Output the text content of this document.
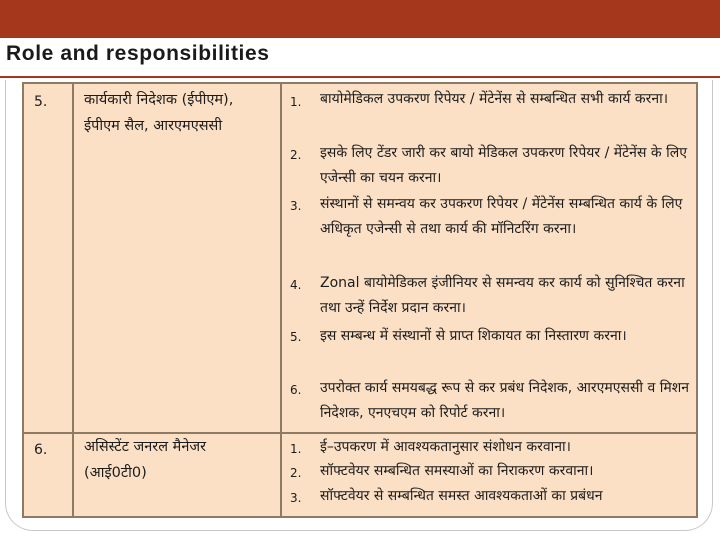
Role and responsibilities
5.	कार्यकारी निदेशक (ईपीएम),
ईपीएम सैल, आरएमएससी
1. बायोमेडिकल उपकरण रिपेयर / मेंटेनेंस से सम्बन्धित सभी कार्य करना।
2. इसके लिए टेंडर जारी कर बायो मेडिकल उपकरण रिपेयर / मेंटेनेंस के लिए एजेन्सी का चयन करना।
3. संस्थानों से समन्वय कर उपकरण रिपेयर / मेंटेनेंस सम्बन्धित कार्य के लिए अधिकृत एजेन्सी से तथा कार्य की मॉनिटरिंग करना।
4. Zonal बायोमेडिकल इंजीनियर से समन्वय कर कार्य को सुनिश्चित करना तथा उन्हें निर्देश प्रदान करना।
5. इस सम्बन्ध में संस्थानों से प्राप्त शिकायत का निस्तारण करना।
6. उपरोक्त कार्य समयबद्ध रूप से कर प्रबंध निदेशक, आरएमएससी व मिशन निदेशक, एनएचएम को रिपोर्ट करना।
6.	असिस्टेंट जनरल मैनेजर
(आई0टी0)
1. ई–उपकरण में आवश्यकतानुसार संशोधन करवाना।
2. सॉफ्टवेयर सम्बन्धित समस्याओं का निराकरण करवाना।
3. सॉफ्टवेयर से सम्बन्धित समस्त आवश्यकताओं का प्रबंधन
